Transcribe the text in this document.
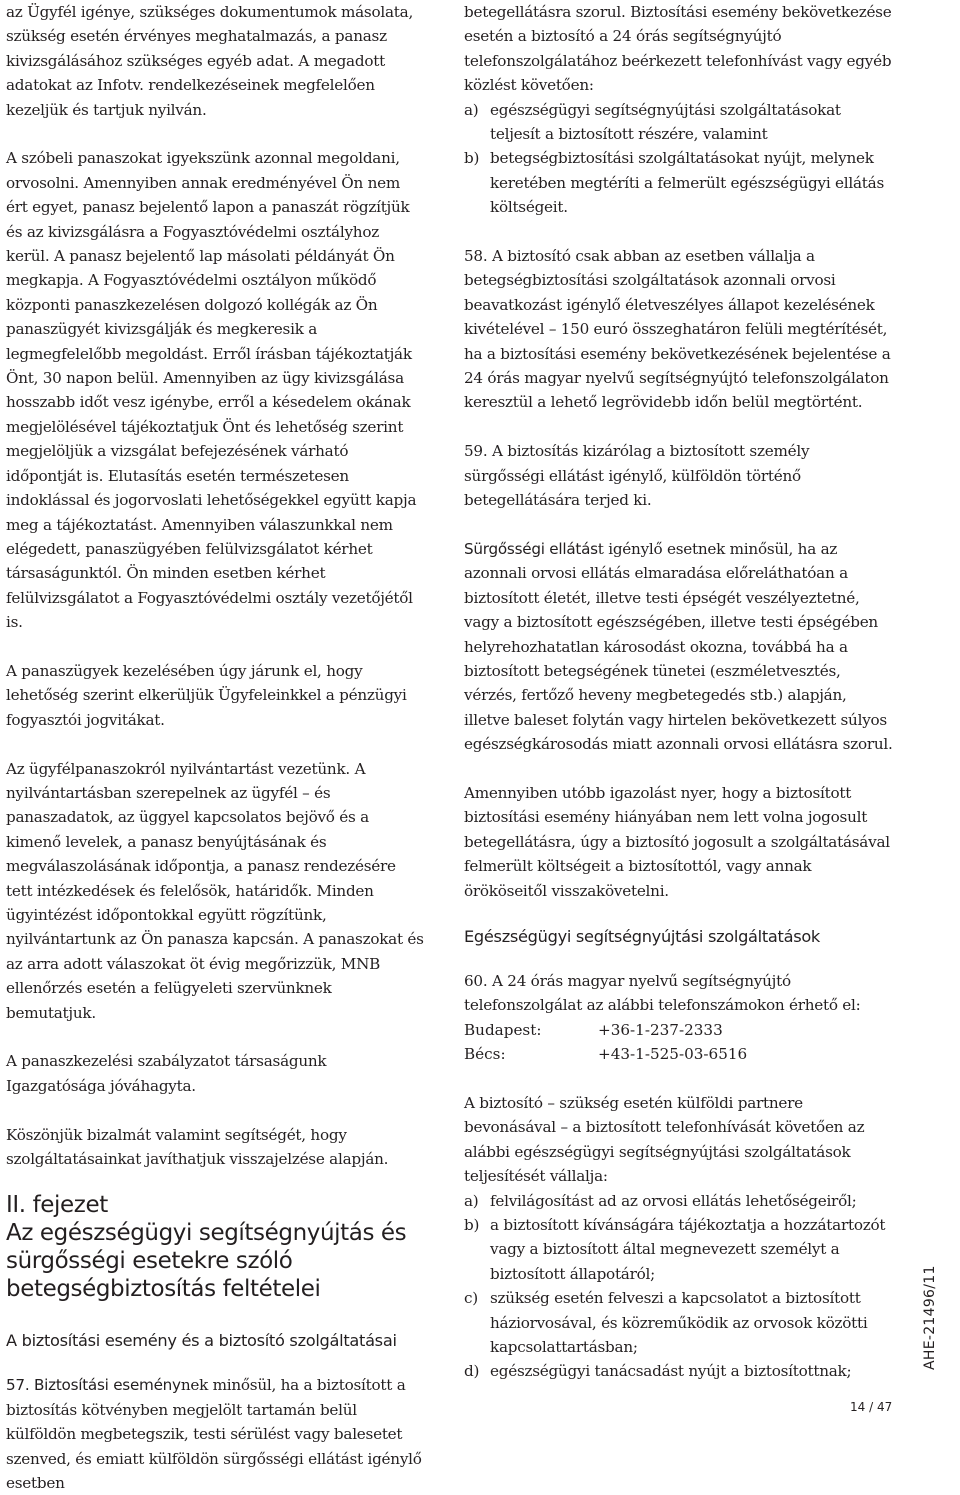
az Ügyfél igénye, szükséges dokumentumok másolata, szükség esetén érvényes meghatalmazás, a panasz kivizsgálásához szükséges egyéb adat. A megadott adatokat az Infotv. rendelkezéseinek megfelelően kezeljük és tartjuk nyilván.

A szóbeli panaszokat igyekszünk azonnal megoldani, orvosolni. Amennyiben annak eredményével Ön nem ért egyet, panasz bejelentő lapon a panaszát rögzítjük és az kivizsgálásra a Fogyasztóvédelmi osztályhoz kerül. A panasz bejelentő lap másolati példányát Ön megkapja. A Fogyasztóvédelmi osztályon működő központi panaszkezelésen dolgozó kollégák az Ön panaszügyét kivizsgálják és megkeresik a legmegfelelőbb megoldást. Erről írásban tájékoztatják Önt, 30 napon belül. Amennyiben az ügy kivizsgálása hosszabb időt vesz igénybe, erről a késedelem okának megjelölésével tájékoztatjuk Önt és lehetőség szerint megjelöljük a vizsgálat befejezésének várható időpontját is. Elutasítás esetén természetesen indoklással és jogorvoslati lehetőségekkel együtt kapja meg a tájékoztatást. Amennyiben válaszunkkal nem elégedett, panaszügyében felülvizsgálatot kérhet társaságunktól. Ön minden esetben kérhet felülvizsgálatot a Fogyasztóvédelmi osztály vezetőjétől is.

A panaszügyek kezelésében úgy járunk el, hogy lehetőség szerint elkerüljük Ügyfeleinkkel a pénzügyi fogyasztói jogvitákat.

Az ügyfélpanaszokról nyilvántartást vezetünk. A nyilvántartásban szerepelnek az ügyfél – és panaszadatok, az üggyel kapcsolatos bejövő és a kimenő levelek, a panasz benyújtásának és megválaszolásának időpontja, a panasz rendezésére tett intézkedések és felelősök, határidők. Minden ügyintézést időpontokkal együtt rögzítünk, nyilvántartunk az Ön panasza kapcsán. A panaszokat és az arra adott válaszokat öt évig megőrizzük, MNB ellenőrzés esetén a felügyeleti szervünknek bemutatjuk.

A panaszkezelési szabályzatot társaságunk Igazgatósága jóváhagyta.

Köszönjük bizalmát valamint segítségét, hogy szolgáltatásainkat javíthatjuk visszajelzése alapján.

II. fejezet
Az egészségügyi segítségnyújtás és
sürgősségi esetekre szóló
betegségbiztosítás feltételei
A biztosítási esemény és a biztosító szolgáltatásai

57. Biztosítási eseménynek minősül, ha a biztosított a biztosítás kötvényben megjelölt tartamán belül külföldön megbetegszik, testi sérülést vagy balesetet szenved, és emiatt külföldön sürgősségi ellátást igénylő esetben

betegellátásra szorul. Biztosítási esemény bekövetkezése esetén a biztosító a 24 órás segítségnyújtó telefonszolgálatához beérkezett telefonhívást vagy egyéb közlést követően:

a) egészségügyi segítségnyújtási szolgáltatásokat teljesít a biztosított részére, valamint
b) betegségbiztosítási szolgáltatásokat nyújt, melynek keretében megtéríti a felmerült egészségügyi ellátás költségeit.

58. A biztosító csak abban az esetben vállalja a betegségbiztosítási szolgáltatások azonnali orvosi beavatkozást igénylő életveszélyes állapot kezelésének kivételével – 150 euró összeghatáron felüli megtérítését, ha a biztosítási esemény bekövetkezésének bejelentése a 24 órás magyar nyelvű segítségnyújtó telefonszolgálaton keresztül a lehető legrövidebb időn belül megtörtént.

59. A biztosítás kizárólag a biztosított személy sürgősségi ellátást igénylő, külföldön történő betegellátására terjed ki.

Sürgősségi ellátást igénylő esetnek minősül, ha az azonnali orvosi ellátás elmaradása előreláthatóan a biztosított életét, illetve testi épségét veszélyeztetné, vagy a biztosított egészségében, illetve testi épségében helyrehozhatatlan károsodást okozna, továbbá ha a biztosított betegségének tünetei (eszméletvesztés, vérzés, fertőző heveny megbetegedés stb.) alapján, illetve baleset folytán vagy hirtelen bekövetkezett súlyos egészségkárosodás miatt azonnali orvosi ellátásra szorul.

Amennyiben utóbb igazolást nyer, hogy a biztosított biztosítási esemény hiányában nem lett volna jogosult betegellátásra, úgy a biztosító jogosult a szolgáltatásával felmerült költségeit a biztosítottól, vagy annak örököseitől visszakövetelni.

Egészségügyi segítségnyújtási szolgáltatások

60. A 24 órás magyar nyelvű segítségnyújtó telefonszolgálat az alábbi telefonszámokon érhető el:

Budapest:	+36-1-237-2333
Bécs:	+43-1-525-03-6516

A biztosító – szükség esetén külföldi partnere bevonásával – a biztosított telefonhívását követően az alábbi egészségügyi segítségnyújtási szolgáltatások teljesítését vállalja:

a) felvilágosítást ad az orvosi ellátás lehetőségeiről;
b) a biztosított kívánságára tájékoztatja a hozzátartozót vagy a biztosított által megnevezett személyt a biztosított állapotáról;
c) szükség esetén felveszi a kapcsolatot a biztosított háziorvosával, és közreműködik az orvosok közötti kapcsolattartásban;
d) egészségügyi tanácsadást nyújt a biztosítottnak;
AHE-21496/11
14 / 47
